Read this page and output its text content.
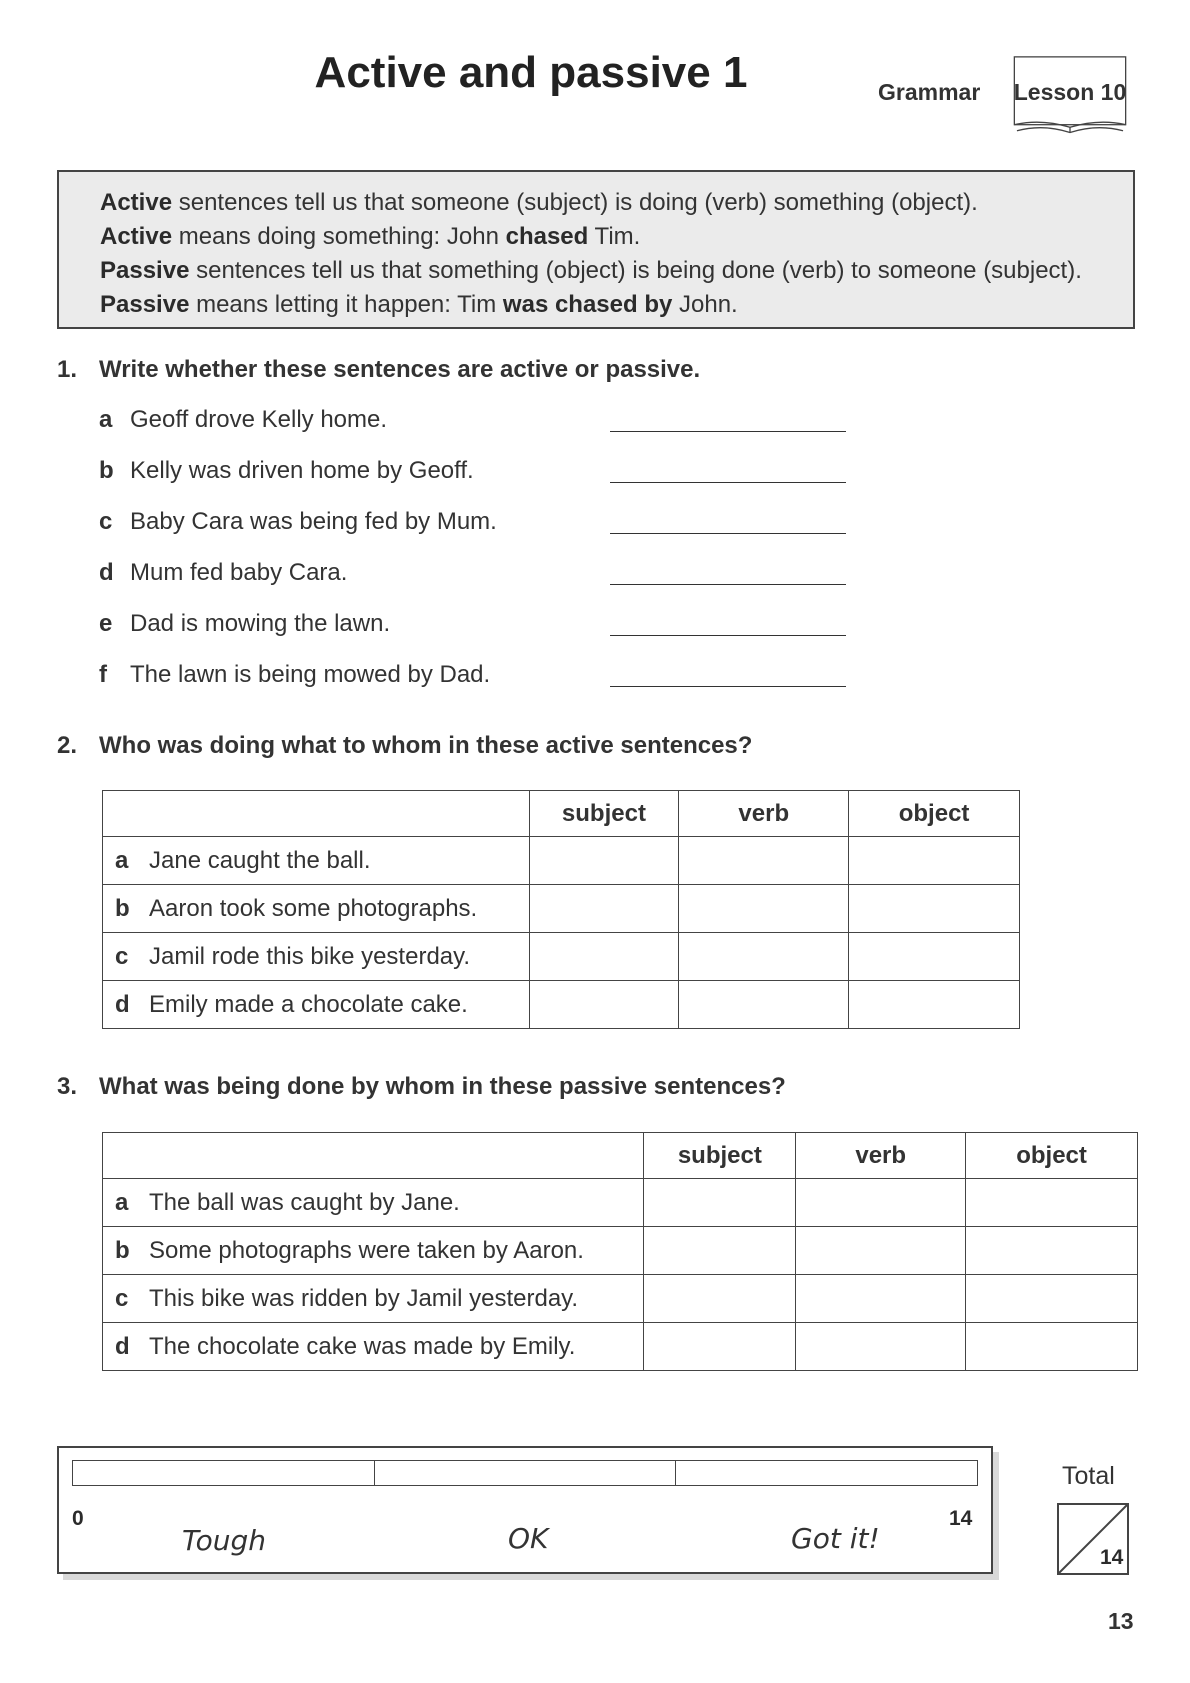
Active and passive 1	Grammar	Lesson 10
Active sentences tell us that someone (subject) is doing (verb) something (object).
Active means doing something: John chased Tim.
Passive sentences tell us that something (object) is being done (verb) to someone (subject).
Passive means letting it happen: Tim was chased by John.
1. Write whether these sentences are active or passive.
a Geoff drove Kelly home.
b Kelly was driven home by Geoff.
c Baby Cara was being fed by Mum.
d Mum fed baby Cara.
e Dad is mowing the lawn.
f The lawn is being mowed by Dad.
2. Who was doing what to whom in these active sentences?
	subject	verb	object
a Jane caught the ball.			
b Aaron took some photographs.			
c Jamil rode this bike yesterday.			
d Emily made a chocolate cake.			
3. What was being done by whom in these passive sentences?
	subject	verb	object
a The ball was caught by Jane.			
b Some photographs were taken by Aaron.			
c This bike was ridden by Jamil yesterday.			
d The chocolate cake was made by Emily.			
0	14
Tough	OK	Got it!
Total
14
13
